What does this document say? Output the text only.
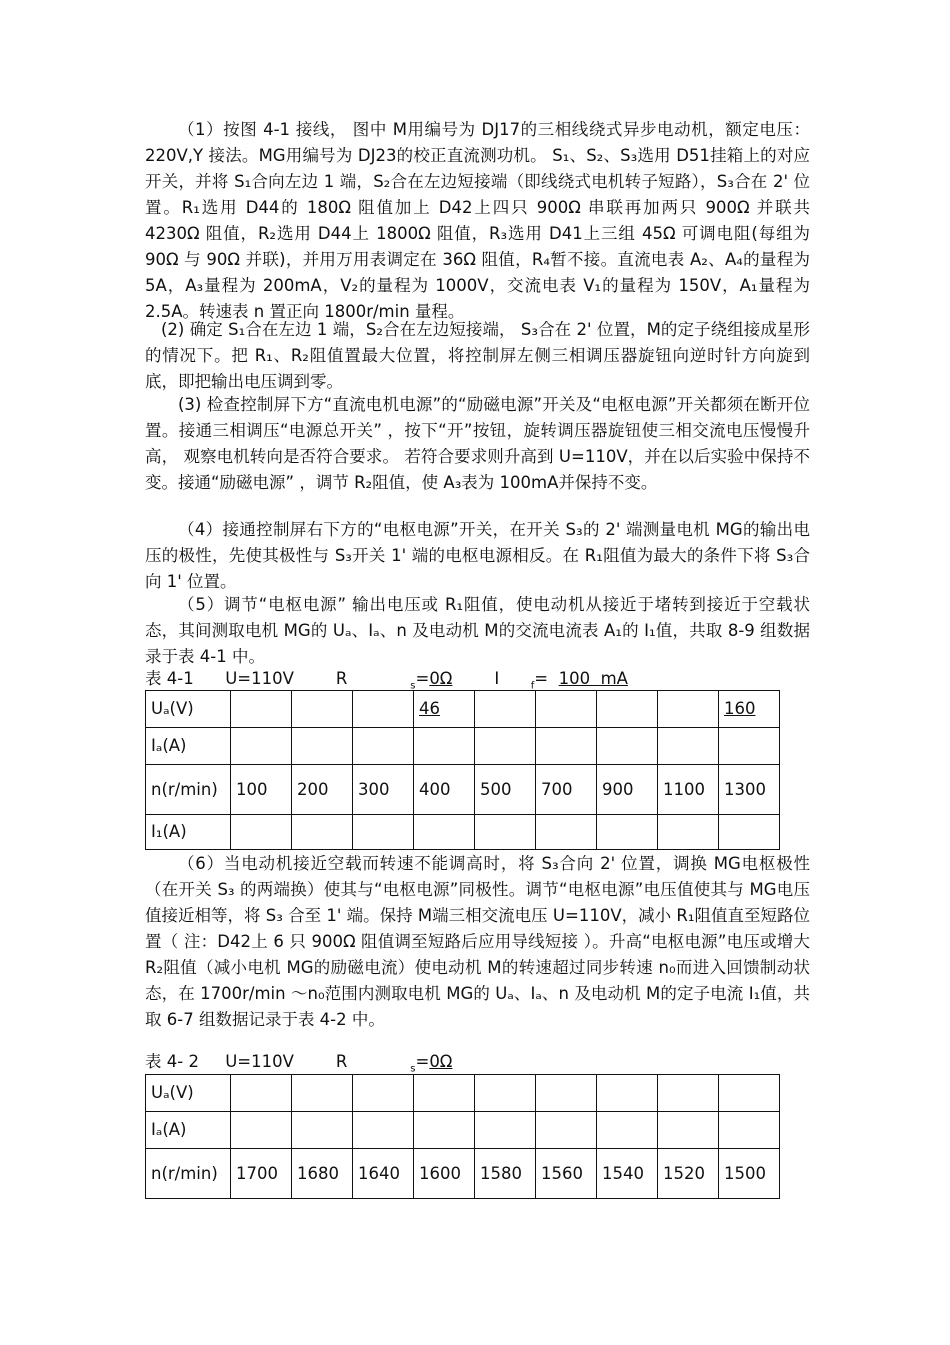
（1）按图 4-1 接线， 图中 M用编号为 DJ17的三相线绕式异步电动机，额定电压：220V,Y 接法。MG用编号为 DJ23的校正直流测功机。 S₁、S₂、S₃选用 D51挂箱上的对应开关，并将 S₁合向左边 1 端，S₂合在左边短接端（即线绕式电机转子短路），S₃合在 2' 位置。R₁选用 D44的 180Ω 阻值加上 D42上四只 900Ω 串联再加两只 900Ω 并联共 4230Ω 阻值，R₂选用 D44上 1800Ω 阻值，R₃选用 D41上三组 45Ω 可调电阻(每组为 90Ω 与 90Ω 并联)，并用万用表调定在 36Ω 阻值，R₄暂不接。直流电表 A₂、A₄的量程为 5A，A₃量程为 200mA，V₂的量程为 1000V，交流电表 V₁的量程为 150V，A₁量程为 2.5A。转速表 n 置正向 1800r/min 量程。

(2) 确定 S₁合在左边 1 端，S₂合在左边短接端， S₃合在 2' 位置，M的定子绕组接成星形的情况下。把 R₁、R₂阻值置最大位置，将控制屏左侧三相调压器旋钮向逆时针方向旋到底，即把输出电压调到零。

(3) 检查控制屏下方“直流电机电源”的“励磁电源”开关及“电枢电源”开关都须在断开位置。接通三相调压“电源总开关” ，按下“开”按钮，旋转调压器旋钮使三相交流电压慢慢升高， 观察电机转向是否符合要求。 若符合要求则升高到 U=110V，并在以后实验中保持不变。接通“励磁电源” ，调节 R₂阻值，使 A₃表为 100mA并保持不变。

（4）接通控制屏右下方的“电枢电源”开关，在开关 S₃的 2' 端测量电机 MG的输出电压的极性，先使其极性与 S₃开关 1' 端的电枢电源相反。在 R₁阻值为最大的条件下将 S₃合向 1' 位置。

（5）调节“电枢电源” 输出电压或 R₁阻值，使电动机从接近于堵转到接近于空载状态，其间测取电机 MG的 Uₐ、Iₐ、n 及电动机 M的交流电流表 A₁的 I₁值，共取 8-9 组数据录于表 4-1 中。

表 4-1 U=110V	R	$_s$=0Ω	I	$_f$= 100  mA
Uₐ(V)				46					160
Iₐ(A)									
n(r/min)	100	200	300	400	500	700	900	1100	1300
I₁(A)									

（6）当电动机接近空载而转速不能调高时，将 S₃合向 2' 位置，调换 MG电枢极性（在开关 S₃ 的两端换）使其与“电枢电源”同极性。调节“电枢电源”电压值使其与 MG电压值接近相等，将 S₃ 合至 1' 端。保持 M端三相交流电压 U=110V，减小 R₁阻值直至短路位置（ 注：D42上 6 只 900Ω 阻值调至短路后应用导线短接 ）。升高“电枢电源”电压或增大 R₂阻值（减小电机 MG的励磁电流）使电动机 M的转速超过同步转速 n₀而进入回馈制动状态，在 1700r/min ～n₀范围内测取电机 MG的 Uₐ、Iₐ、n 及电动机 M的定子电流 I₁值，共取 6-7 组数据记录于表 4-2 中。

表 4- 2 U=110V	R	$_s$=0Ω
Uₐ(V)									
Iₐ(A)									
n(r/min)	1700	1680	1640	1600	1580	1560	1540	1520	1500
